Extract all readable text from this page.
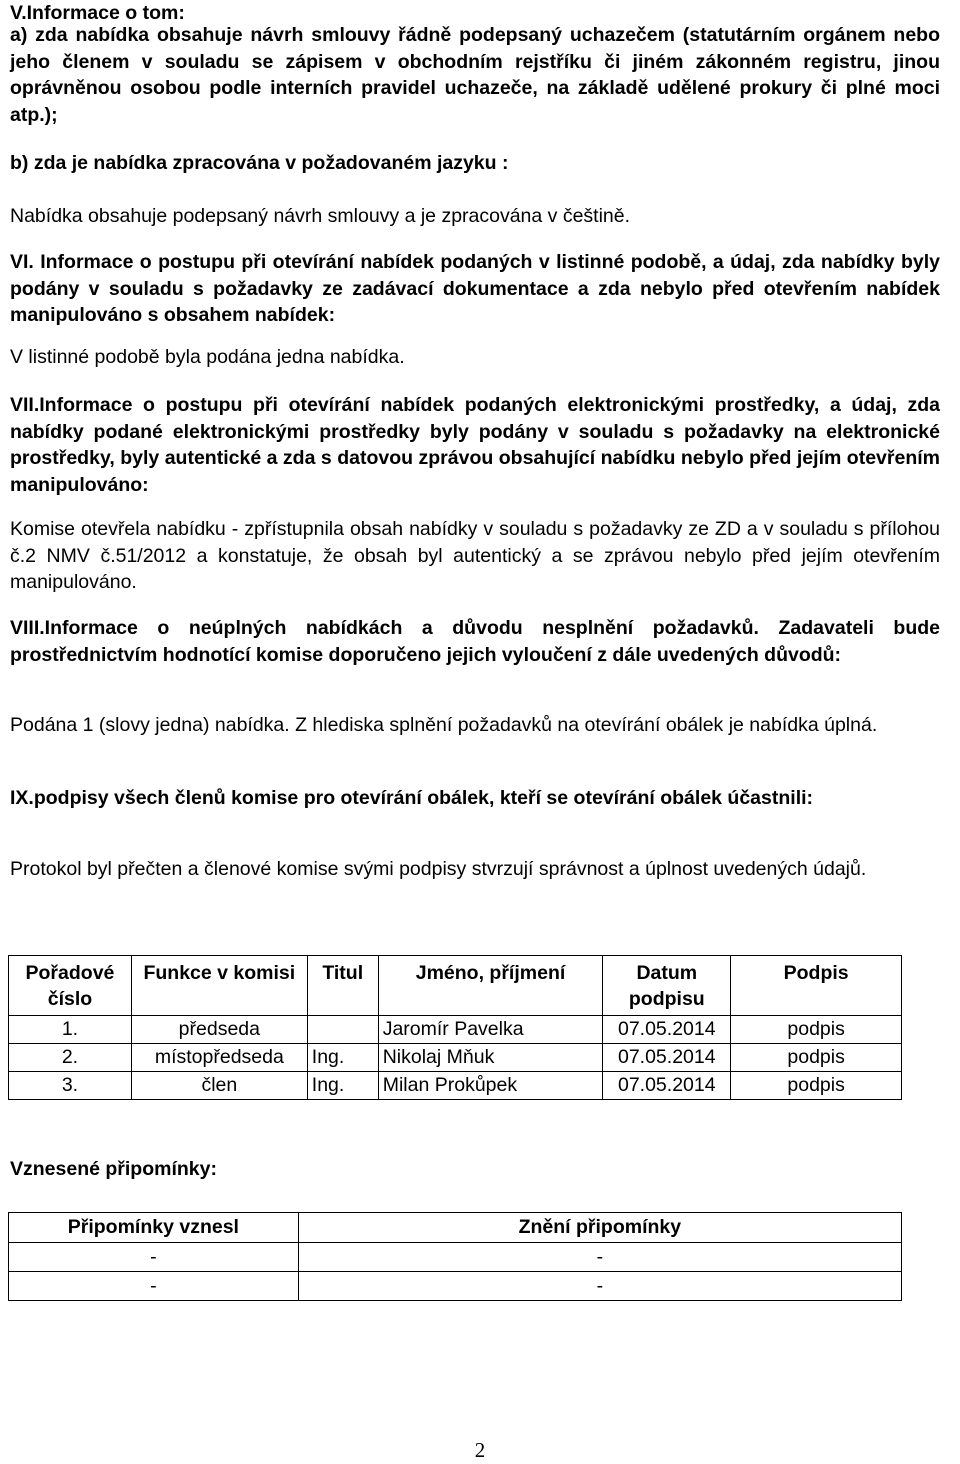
V.Informace o tom:
a) zda nabídka obsahuje návrh smlouvy řádně podepsaný uchazečem (statutárním orgánem nebo jeho členem v souladu se zápisem v obchodním rejstříku či jiném zákonném registru, jinou oprávněnou osobou podle interních pravidel uchazeče, na základě udělené prokury či plné moci atp.);
b) zda je nabídka zpracována v požadovaném jazyku :
Nabídka obsahuje podepsaný návrh smlouvy a je zpracována v češtině.
VI. Informace o postupu při otevírání nabídek podaných v listinné podobě, a údaj, zda nabídky byly podány v souladu s požadavky ze zadávací dokumentace a zda nebylo před otevřením nabídek manipulováno s obsahem nabídek:
V listinné podobě byla podána jedna nabídka.
VII.Informace o postupu při otevírání nabídek podaných elektronickými prostředky, a údaj, zda nabídky podané elektronickými prostředky byly podány v souladu s požadavky na elektronické prostředky, byly autentické a zda s datovou zprávou obsahující nabídku nebylo před jejím otevřením manipulováno:
Komise otevřela nabídku - zpřístupnila obsah nabídky v souladu s požadavky ze ZD a v souladu s přílohou č.2 NMV č.51/2012 a konstatuje, že obsah byl autentický a se zprávou nebylo před jejím otevřením manipulováno.
VIII.Informace o neúplných nabídkách a důvodu nesplnění požadavků. Zadavateli bude prostřednictvím hodnotící komise doporučeno jejich vyloučení z dále uvedených důvodů:
Podána 1 (slovy jedna) nabídka. Z hlediska splnění požadavků na otevírání obálek je nabídka úplná.
IX.podpisy všech členů komise pro otevírání obálek, kteří se otevírání obálek účastnili:
Protokol byl přečten a členové komise svými podpisy stvrzují správnost a úplnost uvedených údajů.
Pořadové číslo	Funkce v komisi	Titul	Jméno, příjmení	Datum podpisu	Podpis
1.	předseda		Jaromír Pavelka	07.05.2014	podpis
2.	místopředseda	Ing.	Nikolaj Mňuk	07.05.2014	podpis
3.	člen	Ing.	Milan Prokůpek	07.05.2014	podpis
Vznesené připomínky:
Připomínky vznesl	Znění připomínky
-	-
-	-
2
